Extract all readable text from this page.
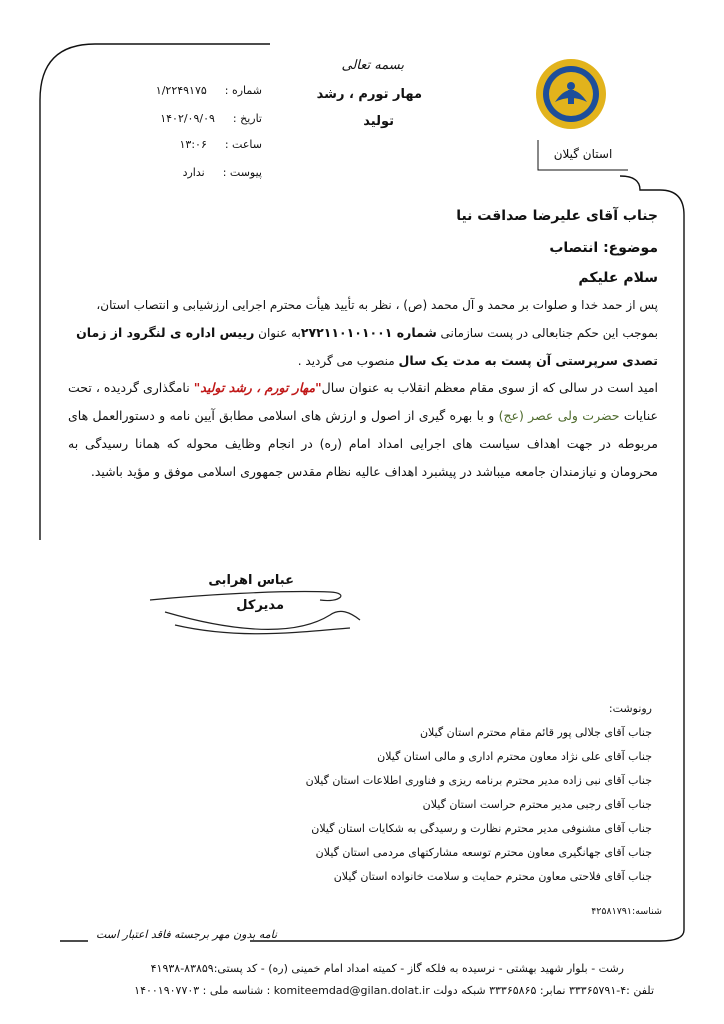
استان گیلان
بسمه تعالی
مهار تورم ، رشد
تولید
شماره :۱/۲۲۴۹۱۷۵
تاریخ :۱۴۰۲/۰۹/۰۹
ساعت :۱۳:۰۶
پیوست :ندارد
جناب آقای علیرضا صداقت نیا
موضوع: انتصاب
سلام علیکم
پس از حمد خدا و صلوات بر محمد و آل محمد (ص) ، نظر به تأیید هیأت محترم اجرایی ارزشیابی و انتصاب استان،
بموجب این حکم جنابعالی در پست سازمانی شماره ۲۷۲۱۱۰۱۰۱۰۰۱به عنوان رییس اداره ی لنگرود از زمان
تصدی سرپرستی آن پست به مدت یک سال منصوب می گردید .
امید است در سالی که از سوی مقام معظم انقلاب به عنوان سال"مهار تورم ، رشد تولید" نامگذاری گردیده ، تحت عنایات حضرت ولی عصر (عج) و با بهره گیری از اصول و ارزش های اسلامی مطابق آیین نامه و دستورالعمل های مربوطه در جهت اهداف سیاست های اجرایی امداد امام (ره) در انجام وظایف محوله که همانا رسیدگی به محرومان و نیازمندان جامعه میباشد در پیشبرد اهداف عالیه نظام مقدس جمهوری اسلامی موفق و مؤید باشید.
عباس اهرابی
مدیرکل
رونوشت:
جناب آقای جلالی پور قائم مقام محترم استان گیلان
جناب آقای علی نژاد معاون محترم اداری و مالی استان گیلان
جناب آقای نبی زاده مدیر محترم برنامه ریزی و فناوری اطلاعات استان گیلان
جناب آقای رجبی مدیر محترم حراست استان گیلان
جناب آقای مشنوفی مدیر محترم نظارت و رسیدگی به شکایات استان گیلان
جناب آقای جهانگیری معاون محترم توسعه مشارکتهای مردمی استان گیلان
جناب آقای فلاحتی معاون محترم حمایت و سلامت خانواده استان گیلان
شناسه:۴۲۵۸۱۷۹۱
نامه بدون مهر برجسته فاقد اعتبار است
رشت - بلوار شهید بهشتی - نرسیده به فلکه گاز - کمیته امداد امام خمینی (ره) - کد پستی:۸۳۸۵۹-۴۱۹۳۸
تلفن :۴-۳۳۳۶۵۷۹۱ نمابر: ۳۳۳۶۵۸۶۵ شبکه دولت komiteemdad@gilan.dolat.ir : شناسه ملی : ۱۴۰۰۱۹۰۷۷۰۳
